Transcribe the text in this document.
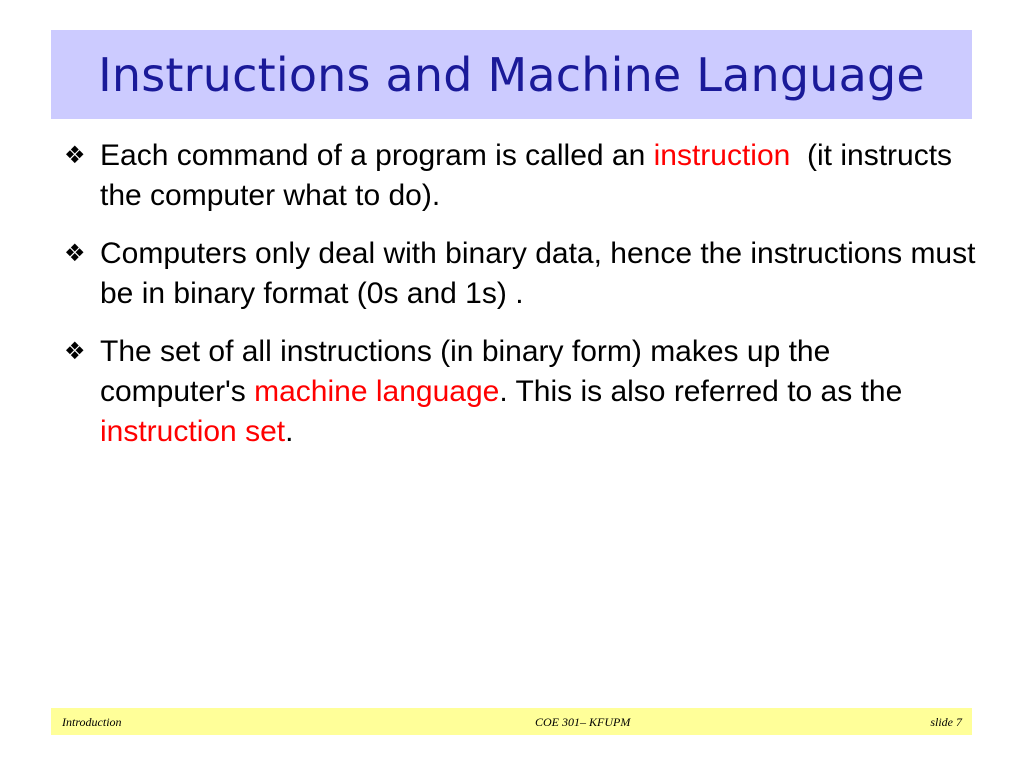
Instructions and Machine Language
❖ Each command of a program is called an instruction  (it instructs the computer what to do).
❖ Computers only deal with binary data, hence the instructions must be in binary format (0s and 1s) .
❖ The set of all instructions (in binary form) makes up the computer's machine language. This is also referred to as the instruction set.
Introduction	COE 301– KFUPM	slide 7
